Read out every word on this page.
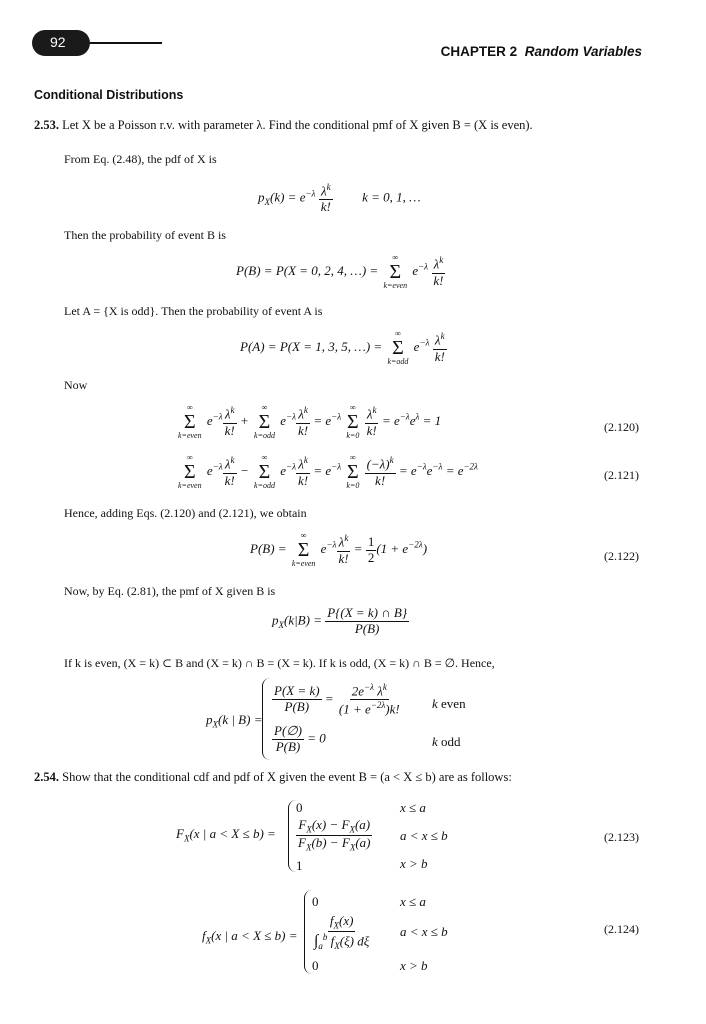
92
CHAPTER 2 Random Variables
Conditional Distributions
2.53. Let X be a Poisson r.v. with parameter λ. Find the conditional pmf of X given B = (X is even).
From Eq. (2.48), the pdf of X is
$p_X(k) = e^{-\lambda} \frac{\lambda^k}{k!}$ k = 0, 1, …
Then the probability of event B is
P(B) = P(X = 0, 2, 4, …) =
∞
Σ
k=even
$e^{-\lambda} \frac{\lambda^k}{k!}$
Let A = {X is odd}. Then the probability of event A is
P(A) = P(X = 1, 3, 5, …) =
∞
Σ
k=odd
$e^{-\lambda} \frac{\lambda^k}{k!}$
Now
∞
Σ
k=even
$e^{-\lambda} \frac{\lambda^k}{k!}$ +
∞
Σ
k=odd
$e^{-\lambda} \frac{\lambda^k}{k!} = e^{-\lambda}$
∞
Σ
k=0
$\frac{\lambda^k}{k!} = e^{-\lambda}e^\lambda = 1$	(2.120)
∞
Σ
k=even
$e^{-\lambda} \frac{\lambda^k}{k!}$ −
∞
Σ
k=odd
$e^{-\lambda} \frac{\lambda^k}{k!} = e^{-\lambda}$
∞
Σ
k=0
$\frac{(-\lambda)^k}{k!} = e^{-\lambda}e^{-\lambda} = e^{-2\lambda}$
(2.121)
Hence, adding Eqs. (2.120) and (2.121), we obtain
P(B) =
∞
Σ
k=even
$e^{-\lambda} \frac{\lambda^k}{k!} = \frac{1}{2} (1 + e^{-2\lambda})$
(2.122)
Now, by Eq. (2.81), the pmf of X given B is
$p_X(k|B) = \frac{P\{(X = k) \cap B\}}{P(B)}$
If k is even, (X = k) ⊂ B and (X = k) ∩ B = (X = k). If k is odd, (X = k) ∩ B = ∅. Hence,
$p_X(k$ | B) =
$\frac{P(X = k)}{P(B)} = \frac{2e^{-\lambda} \lambda^k}{(1 + e^{-2\lambda})k!}$ k even
$\frac{P(\emptyset)}{P(B)} = 0$	k odd
2.54. Show that the conditional cdf and pdf of X given the event B = (a < X ≤ b) are as follows:
$F_X(x$ | a < X ≤ b) =
0	x ≤ a
$\frac{F_X(x) - F_X(a)}{F_X(b) - F_X(a)}$ a < x ≤ b
1	x > b
(2.123)
$f_X(x$ | a < X ≤ b) =
0	x ≤ a
$\frac{f_X(x)}{\int_a^b f_X(\xi) d\xi}$ a < x ≤ b
0	x > b
(2.124)
